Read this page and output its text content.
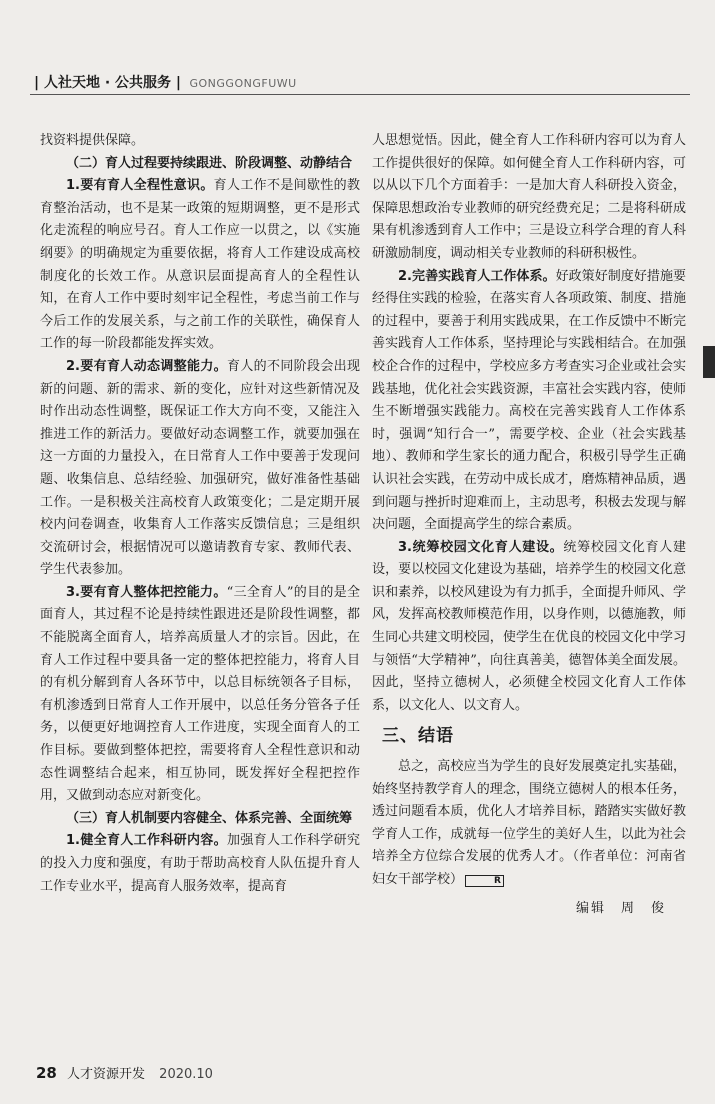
| 人社天地 · 公共服务 | GONGGONGFUWU

找资料提供保障。

（二）育人过程要持续跟进、阶段调整、动静结合

1.要有育人全程性意识。育人工作不是间歇性的教育整治活动，也不是某一政策的短期调整，更不是形式化走流程的响应号召。育人工作应一以贯之，以《实施纲要》的明确规定为重要依据，将育人工作建设成高校制度化的长效工作。从意识层面提高育人的全程性认知，在育人工作中要时刻牢记全程性，考虑当前工作与今后工作的发展关系，与之前工作的关联性，确保育人工作的每一阶段都能发挥实效。

2.要有育人动态调整能力。育人的不同阶段会出现新的问题、新的需求、新的变化，应针对这些新情况及时作出动态性调整，既保证工作大方向不变，又能注入推进工作的新活力。要做好动态调整工作，就要加强在这一方面的力量投入，在日常育人工作中要善于发现问题、收集信息、总结经验、加强研究，做好准备性基础工作。一是积极关注高校育人政策变化；二是定期开展校内问卷调查，收集育人工作落实反馈信息；三是组织交流研讨会，根据情况可以邀请教育专家、教师代表、学生代表参加。

3.要有育人整体把控能力。“三全育人”的目的是全面育人，其过程不论是持续性跟进还是阶段性调整，都不能脱离全面育人，培养高质量人才的宗旨。因此，在育人工作过程中要具备一定的整体把控能力，将育人目的有机分解到育人各环节中，以总目标统领各子目标，有机渗透到日常育人工作开展中，以总任务分管各子任务，以便更好地调控育人工作进度，实现全面育人的工作目标。要做到整体把控，需要将育人全程性意识和动态性调整结合起来，相互协同，既发挥好全程把控作用，又做到动态应对新变化。

（三）育人机制要内容健全、体系完善、全面统筹

1.健全育人工作科研内容。加强育人工作科学研究的投入力度和强度，有助于帮助高校育人队伍提升育人工作专业水平，提高育人服务效率，提高育

人思想觉悟。因此，健全育人工作科研内容可以为育人工作提供很好的保障。如何健全育人工作科研内容，可以从以下几个方面着手：一是加大育人科研投入资金，保障思想政治专业教师的研究经费充足；二是将科研成果有机渗透到育人工作中；三是设立科学合理的育人科研激励制度，调动相关专业教师的科研积极性。

2.完善实践育人工作体系。好政策好制度好措施要经得住实践的检验，在落实育人各项政策、制度、措施的过程中，要善于利用实践成果，在工作反馈中不断完善实践育人工作体系，坚持理论与实践相结合。在加强校企合作的过程中，学校应多方考查实习企业或社会实践基地，优化社会实践资源，丰富社会实践内容，使师生不断增强实践能力。高校在完善实践育人工作体系时，强调“知行合一”，需要学校、企业（社会实践基地）、教师和学生家长的通力配合，积极引导学生正确认识社会实践，在劳动中成长成才，磨炼精神品质，遇到问题与挫折时迎难而上，主动思考，积极去发现与解决问题，全面提高学生的综合素质。

3.统筹校园文化育人建设。统筹校园文化育人建设，要以校园文化建设为基础，培养学生的校园文化意识和素养，以校风建设为有力抓手，全面提升师风、学风，发挥高校教师模范作用，以身作则，以德施教，师生同心共建文明校园，使学生在优良的校园文化中学习与领悟“大学精神”，向往真善美，德智体美全面发展。因此，坚持立德树人，必须健全校园文化育人工作体系，以文化人、以文育人。

三、结语

总之，高校应当为学生的良好发展奠定扎实基础，始终坚持教学育人的理念，围绕立德树人的根本任务，透过问题看本质，优化人才培养目标，踏踏实实做好教学育人工作，成就每一位学生的美好人生，以此为社会培养全方位综合发展的优秀人才。（作者单位：河南省妇女干部学校）	R

编辑　周　俊
28 人才资源开发 2020.10
